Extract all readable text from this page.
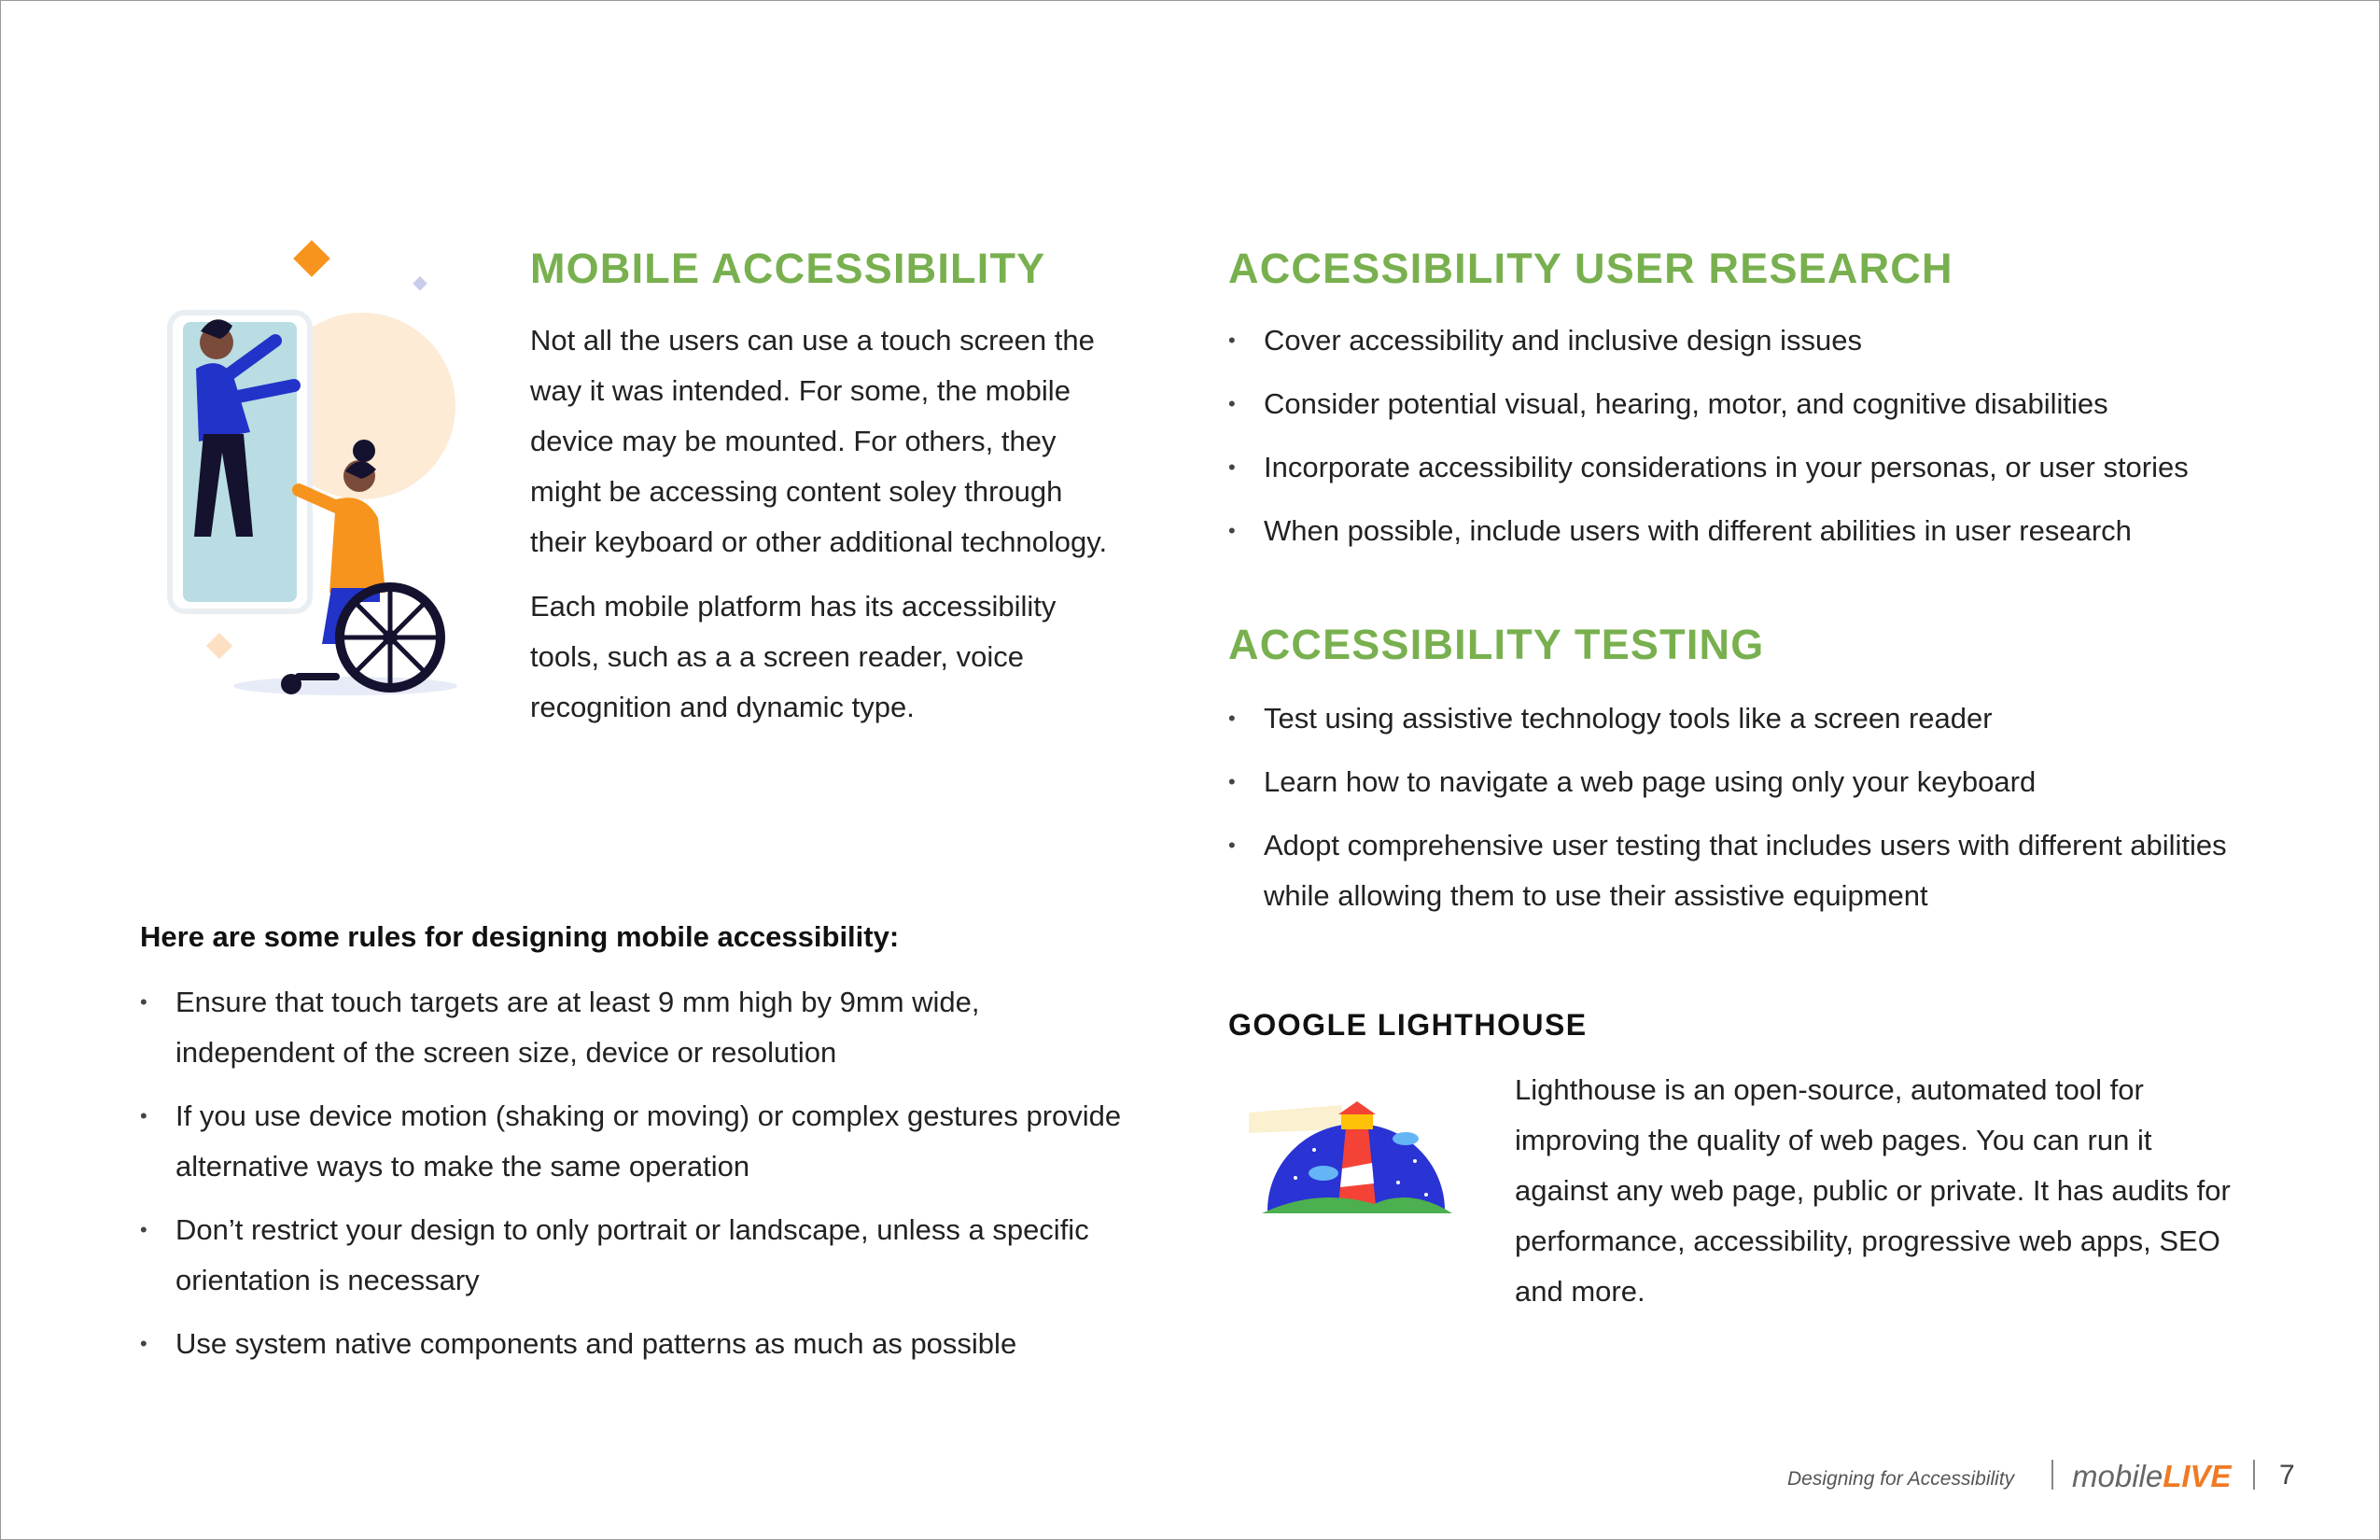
MOBILE ACCESSIBILITY

Not all the users can use a touch screen the way it was intended. For some, the mobile device may be mounted. For others, they might be accessing content soley through their keyboard or other additional technology.

Each mobile platform has its accessibility tools, such as a a screen reader, voice recognition and dynamic type.

Here are some rules for designing mobile accessibility:
• Ensure that touch targets are at least 9 mm high by 9mm wide, independent of the screen size, device or resolution
• If you use device motion (shaking or moving) or complex gestures provide alternative ways to make the same operation
• Don’t restrict your design to only portrait or landscape, unless a specific orientation is necessary
• Use system native components and patterns as much as possible
ACCESSIBILITY USER RESEARCH
• Cover accessibility and inclusive design issues
• Consider potential visual, hearing, motor, and cognitive disabilities
• Incorporate accessibility considerations in your personas, or user stories
• When possible, include users with different abilities in user research
ACCESSIBILITY TESTING
• Test using assistive technology tools like a screen reader
• Learn how to navigate a web page using only your keyboard
• Adopt comprehensive user testing that includes users with different abilities while allowing them to use their assistive equipment
GOOGLE LIGHTHOUSE
Lighthouse is an open-source, automated tool for improving the quality of web pages. You can run it against any web page, public or private. It has audits for performance, accessibility, progressive web apps, SEO and more.
Designing for Accessibility mobileLIVE 7
